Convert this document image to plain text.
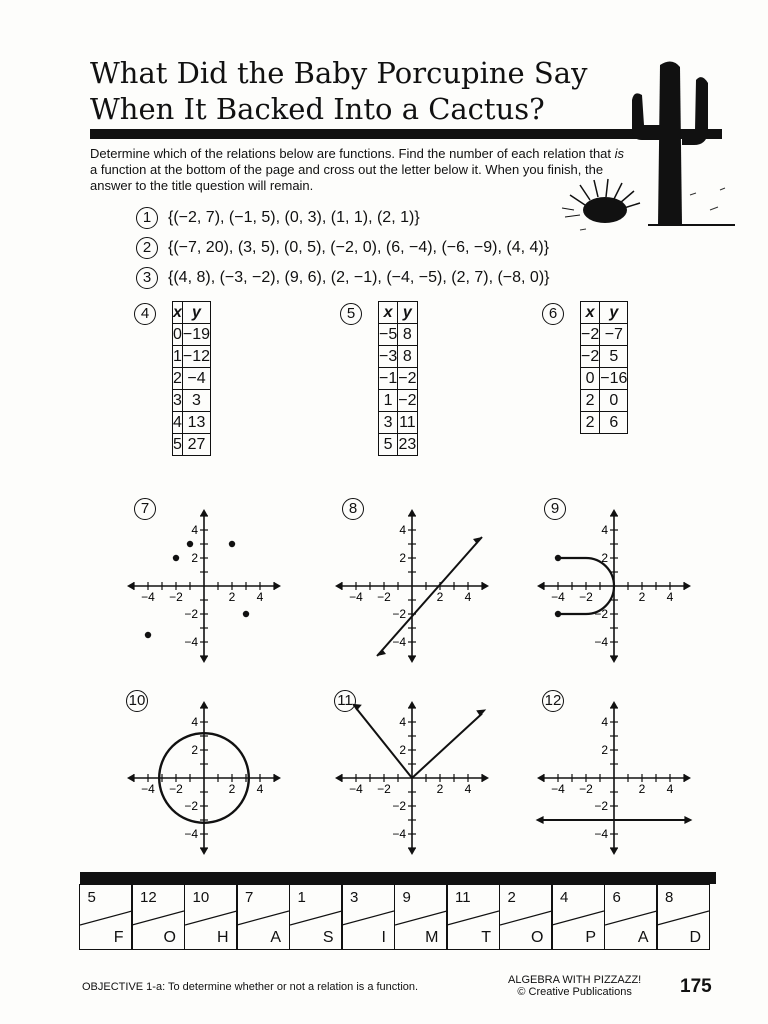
What Did the Baby Porcupine Say
When It Backed Into a Cactus?
Determine which of the relations below are functions. Find the number of each relation that is a function at the bottom of the page and cross out the letter below it. When you finish, the answer to the title question will remain.
1	{(−2, 7), (−1, 5), (0, 3), (1, 1), (2, 1)}
2	{(−7, 20), (3, 5), (0, 5), (−2, 0), (6, −4), (−6, −9), (4, 4)}
3	{(4, 8), (−3, −2), (9, 6), (2, −1), (−4, −5), (2, 7), (−8, 0)}
4	x	y
0	−19
1	−12
2	−4
3	3
4	13
5	27
5	x	y
−5	8
−3	8
−1	−2
1	−2
3	11
5	23
6	x	y
−2	−7
−2	5
0	−16
2	0
2	6
7
−4
−4
−2
−2
2
2
4
4
8
−4
−4
−2
−2
2
2
4
4
9
−4
−4
−2
−2
2
2
4
4
10
−4
−4
−2
−2
2
2
4
4
11
−4
−4
−2
−2
2
2
4
4
12
−4
−4
−2
−2
2
2
4
4
5
F
12
O
10
H
7
A
1
S
3
I
9
M
11
T
2
O
4
P
6
A
8
D
OBJECTIVE 1-a: To determine whether or not a relation is a function.
ALGEBRA WITH PIZZAZZ!
© Creative Publications	175
